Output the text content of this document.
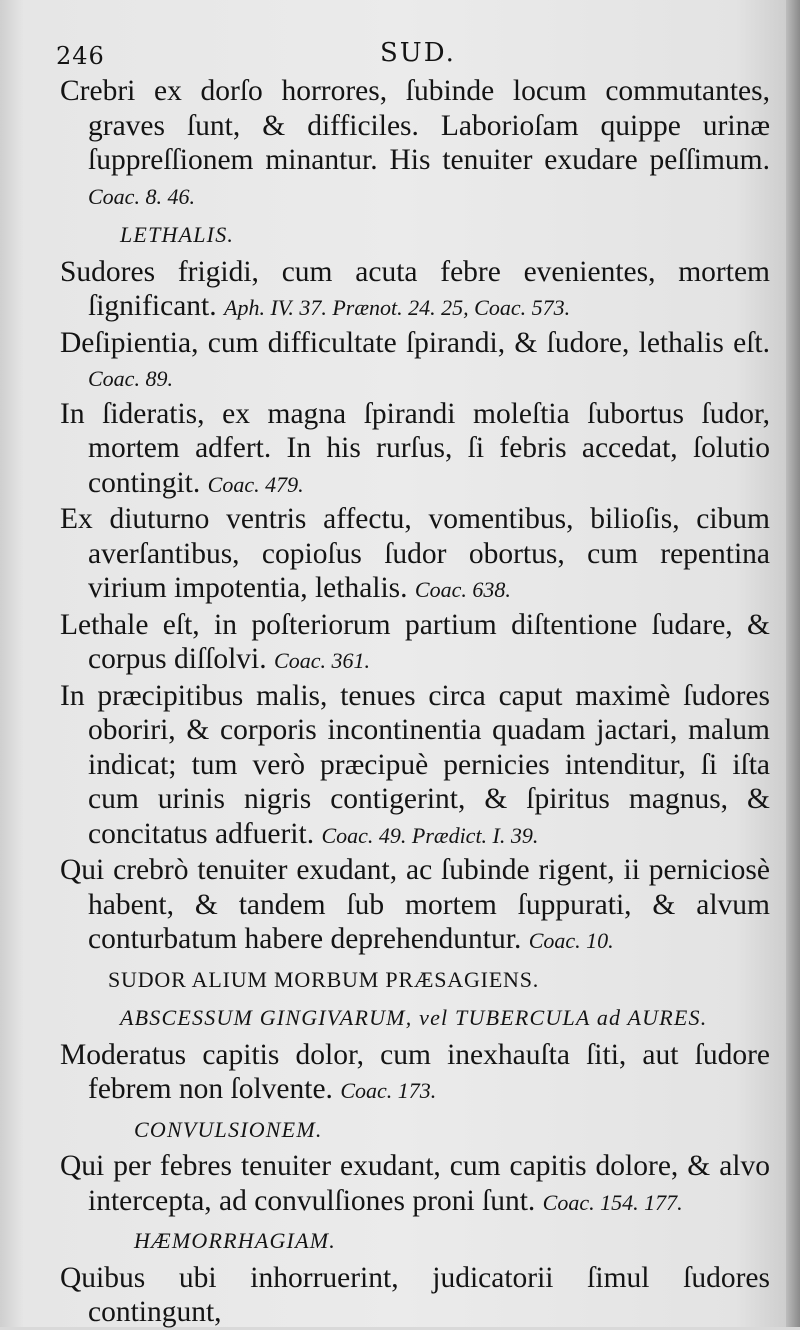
246	SUD.

Crebri ex dorſo horrores, ſubinde locum commutantes, graves ſunt, & difficiles. Laborioſam quippe urinæ ſuppreſſionem minantur. His tenuiter exudare peſſimum. Coac. 8. 46.

LETHALIS.

Sudores frigidi, cum acuta febre evenientes, mortem ſignificant. Aph. IV. 37. Prænot. 24. 25, Coac. 573.

Deſipientia, cum difficultate ſpirandi, & ſudore, lethalis eſt. Coac. 89.

In ſideratis, ex magna ſpirandi moleſtia ſubortus ſudor, mortem adfert. In his rurſus, ſi febris accedat, ſolutio contingit. Coac. 479.

Ex diuturno ventris affectu, vomentibus, bilioſis, cibum averſantibus, copioſus ſudor obortus, cum repentina virium impotentia, lethalis. Coac. 638.

Lethale eſt, in poſteriorum partium diſtentione ſudare, & corpus diſſolvi. Coac. 361.

In præcipitibus malis, tenues circa caput maximè ſudores oboriri, & corporis incontinentia quadam jactari, malum indicat; tum verò præcipuè pernicies intenditur, ſi iſta cum urinis nigris contigerint, & ſpiritus magnus, & concitatus adfuerit. Coac. 49. Prædict. I. 39.

Qui crebrò tenuiter exudant, ac ſubinde rigent, ii perniciosè habent, & tandem ſub mortem ſuppurati, & alvum conturbatum habere deprehenduntur. Coac. 10.

SUDOR ALIUM MORBUM PRÆSAGIENS.

ABSCESSUM GINGIVARUM, vel TUBERCULA ad AURES.

Moderatus capitis dolor, cum inexhauſta ſiti, aut ſudore febrem non ſolvente. Coac. 173.

CONVULSIONEM.

Qui per febres tenuiter exudant, cum capitis dolore, & alvo intercepta, ad convulſiones proni ſunt. Coac. 154. 177.

HÆMORRHAGIAM.

Quibus ubi inhorruerint, judicatorii ſimul ſudores contingunt,
